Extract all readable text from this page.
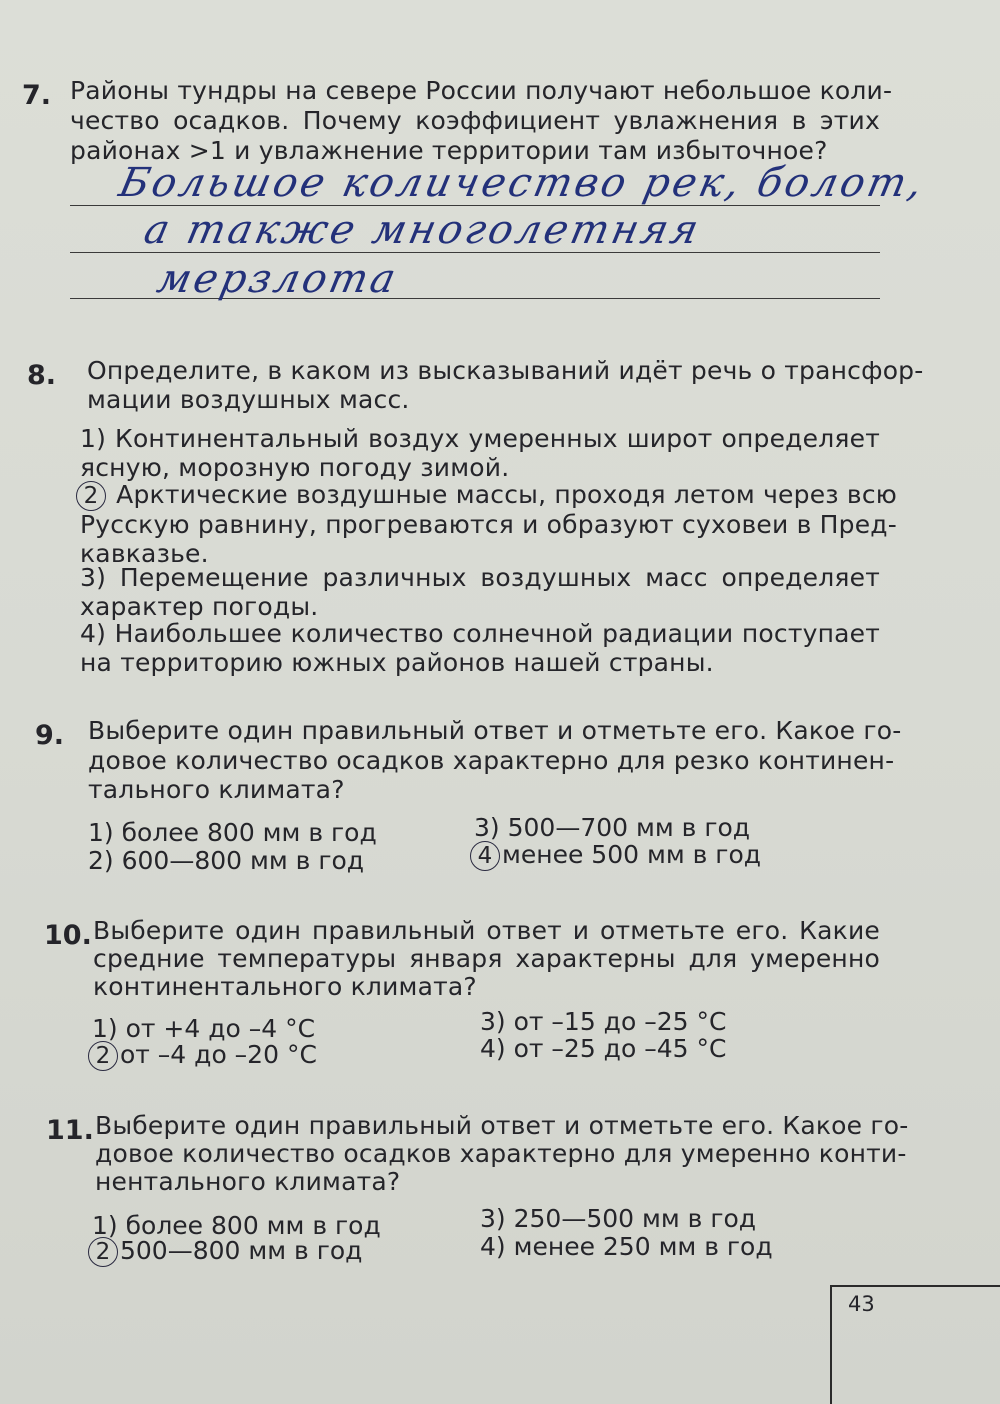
7. Районы тундры на севере России получают небольшое коли-
чество осадков. Почему коэффициент увлажнения в этих
районах >1 и увлажнение территории там избыточное?
Большое количество рек, болот,
а также многолетняя
мерзлота
8. Определите, в каком из высказываний идёт речь о трансфор-
мации воздушных масс.
1) Континентальный воздух умеренных широт определяет
ясную, морозную погоду зимой.
2 Арктические воздушные массы, проходя летом через всю
Русскую равнину, прогреваются и образуют суховеи в Пред-
кавказье.
3) Перемещение различных воздушных масс определяет
характер погоды.
4) Наибольшее количество солнечной радиации поступает
на территорию южных районов нашей страны.
9. Выберите один правильный ответ и отметьте его. Какое го-
довое количество осадков характерно для резко континен-
тального климата?
1) более 800 мм в год
2) 600—800 мм в год
3) 500—700 мм в год
4 менее 500 мм в год
10. Выберите один правильный ответ и отметьте его. Какие
средние температуры января характерны для умеренно
континентального климата?
1) от +4 до –4 °С
2 от –4 до –20 °С
3) от –15 до –25 °С
4) от –25 до –45 °С
11. Выберите один правильный ответ и отметьте его. Какое го-
довое количество осадков характерно для умеренно конти-
нентального климата?
1) более 800 мм в год
2 500—800 мм в год
3) 250—500 мм в год
4) менее 250 мм в год
43
